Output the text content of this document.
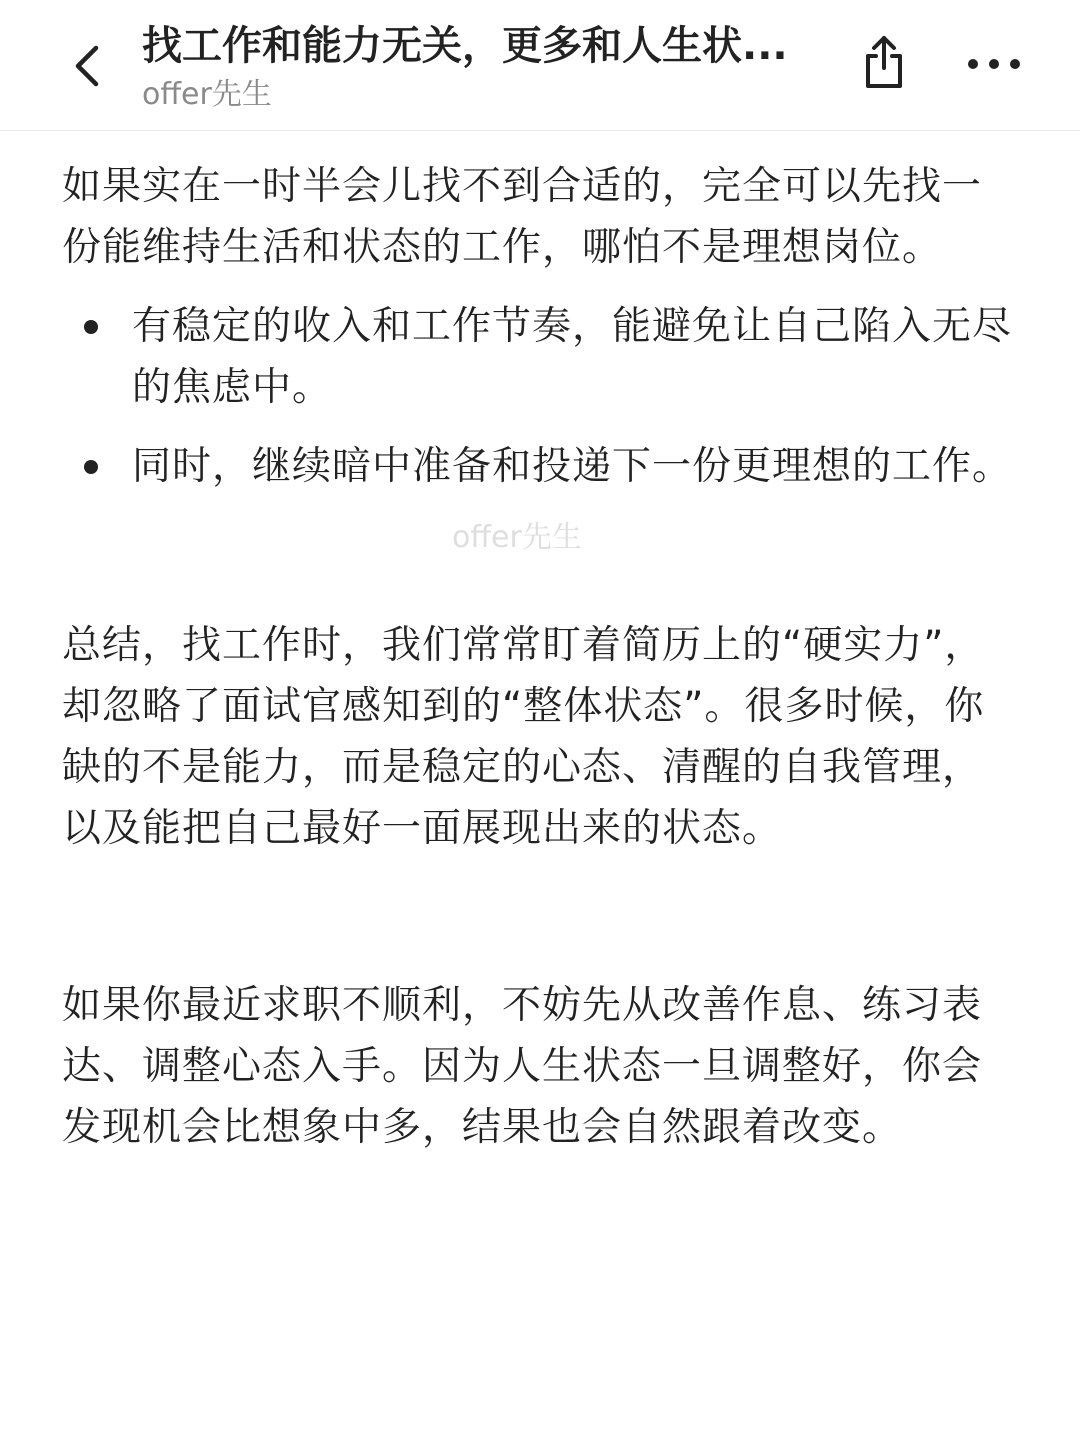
找工作和能力无关，更多和人生状...
offer先生

如果实在一时半会儿找不到合适的，完全可以先找一份能维持生活和状态的工作，哪怕不是理想岗位。

有稳定的收入和工作节奏，能避免让自己陷入无尽的焦虑中。
同时，继续暗中准备和投递下一份更理想的工作。

总结，找工作时，我们常常盯着简历上的“硬实力”，却忽略了面试官感知到的“整体状态”。很多时候，你缺的不是能力，而是稳定的心态、清醒的自我管理，以及能把自己最好一面展现出来的状态。

如果你最近求职不顺利，不妨先从改善作息、练习表达、调整心态入手。因为人生状态一旦调整好，你会发现机会比想象中多，结果也会自然跟着改变。

offer先生
